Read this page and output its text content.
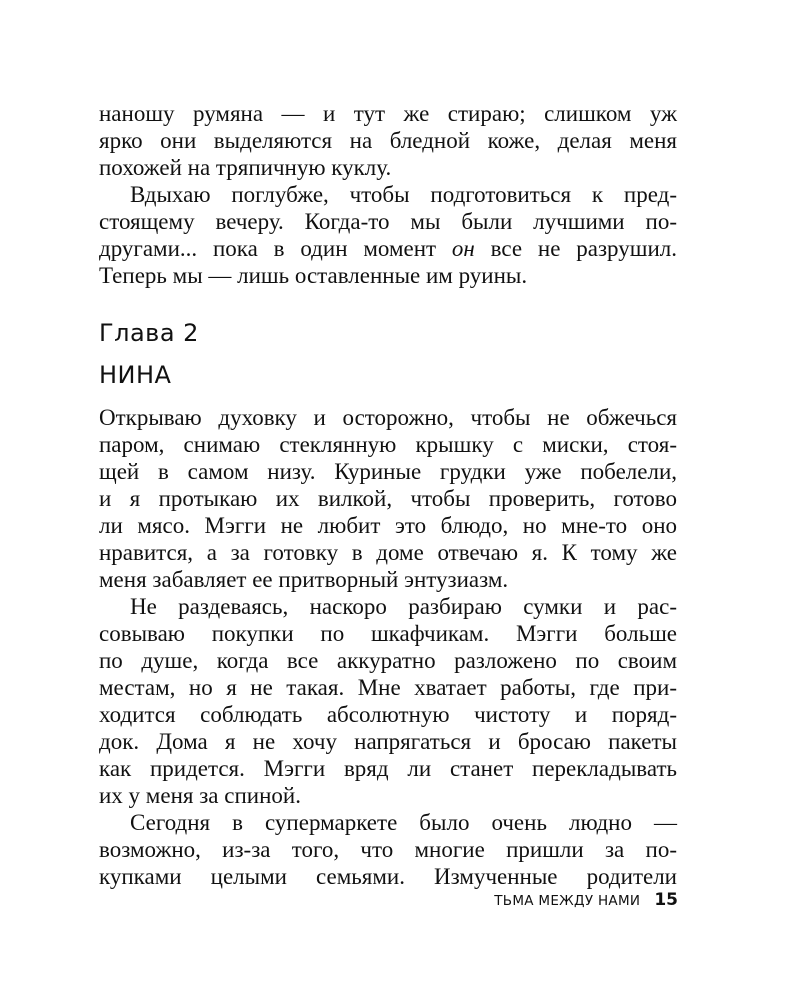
наношу румяна — и тут же стираю; слишком уж
ярко они выделяются на бледной коже, делая меня
похожей на тряпичную куклу.
Вдыхаю поглубже, чтобы подготовиться к пред-
стоящему вечеру. Когда-то мы были лучшими по-
другами... пока в один момент он все не разрушил.
Теперь мы — лишь оставленные им руины.
Глава 2
НИНА
Открываю духовку и осторожно, чтобы не обжечься
паром, снимаю стеклянную крышку с миски, стоя-
щей в самом низу. Куриные грудки уже побелели,
и я протыкаю их вилкой, чтобы проверить, готово
ли мясо. Мэгги не любит это блюдо, но мне-то оно
нравится, а за готовку в доме отвечаю я. К тому же
меня забавляет ее притворный энтузиазм.
Не раздеваясь, наскоро разбираю сумки и рас-
совываю покупки по шкафчикам. Мэгги больше
по душе, когда все аккуратно разложено по своим
местам, но я не такая. Мне хватает работы, где при-
ходится соблюдать абсолютную чистоту и поряд-
док. Дома я не хочу напрягаться и бросаю пакеты
как придется. Мэгги вряд ли станет перекладывать
их у меня за спиной.
Сегодня в супермаркете было очень людно —
возможно, из-за того, что многие пришли за по-
купками целыми семьями. Измученные родители
ТЬМА МЕЖДУ НАМИ 15
